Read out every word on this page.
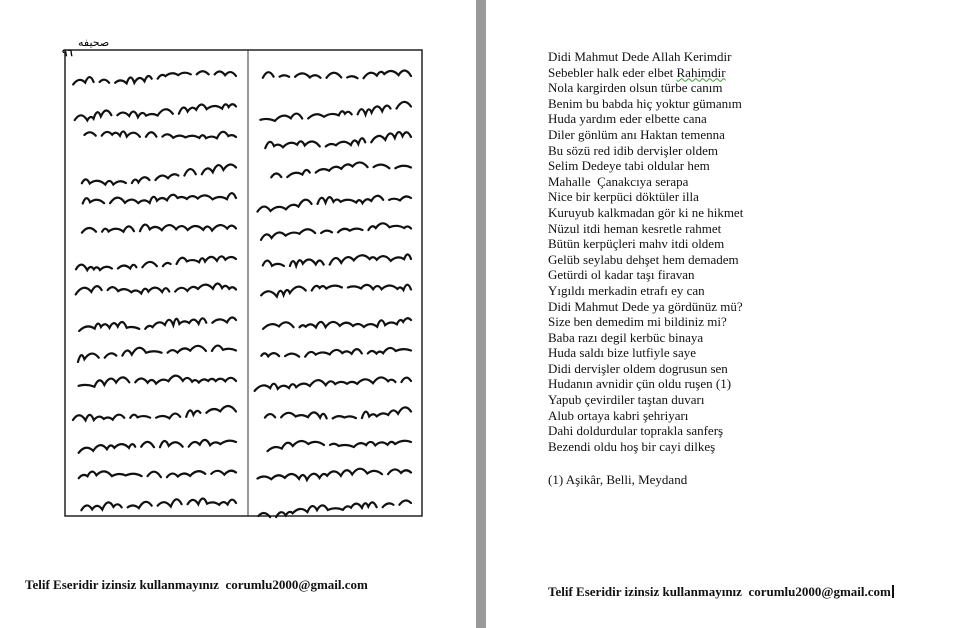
صحيفه
٩٦
Telif Eseridir izinsiz kullanmayınız  corumlu2000@gmail.com
Didi Mahmut Dede Allah Kerimdir
Sebebler halk eder elbet Rahimdir
Nola kargirden olsun türbe canım
Benim bu babda hiç yoktur gümanım
Huda yardım eder elbette cana
Diler gönlüm anı Haktan temenna
Bu sözü red idib dervişler oldem
Selim Dedeye tabi oldular hem
Mahalle  Çanakcıya serapa
Nice bir kerpüci döktüler illa
Kuruyub kalkmadan gör ki ne hikmet
Nüzul itdi heman kesretle rahmet
Bütün kerpüçleri mahv itdi oldem
Gelüb seylabu dehşet hem demadem
Getürdi ol kadar taşı firavan
Yıgıldı merkadin etrafı ey can
Didi Mahmut Dede ya gördünüz mü?
Size ben demedim mi bildiniz mi?
Baba razı degil kerbüc binaya
Huda saldı bize lutfiyle saye
Didi dervişler oldem dogrusun sen
Hudanın avnidir çün oldu ruşen (1)
Yapub çevirdiler taştan duvarı
Alub ortaya kabri şehriyarı
Dahi doldurdular toprakla sanferş
Bezendi oldu hoş bir cayi dilkeş
(1) Aşikâr, Belli, Meydand
Telif Eseridir izinsiz kullanmayınız  corumlu2000@gmail.com
